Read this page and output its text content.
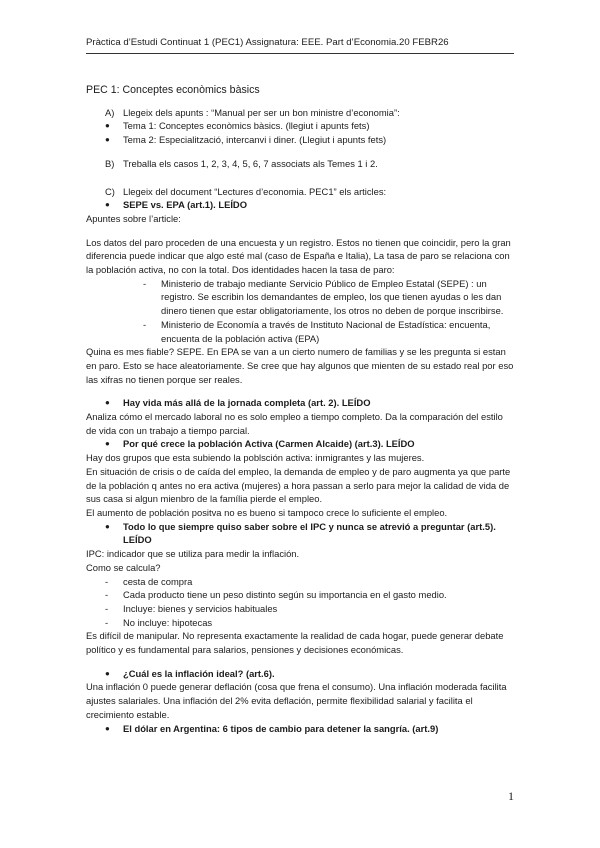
Pràctica d’Estudi Continuat 1 (PEC1) Assignatura: EEE. Part d’Economia.20 FEBR26
PEC 1: Conceptes econòmics bàsics
A) Llegeix dels apunts : “Manual per ser un bon ministre d’economia”:
●	Tema 1: Conceptes econòmics bàsics. (llegiut i apunts fets)
●	Tema 2: Especialització, intercanvi i diner. (Llegiut i apunts fets)
B) Treballa els casos 1, 2, 3, 4, 5, 6, 7 associats als Temes 1 i 2.
C) Llegeix del document “Lectures d’economia. PEC1” els articles:
●	SEPE vs. EPA (art.1). LEÍDO

Apuntes sobre l’article:

Los datos del paro proceden de una encuesta y un registro. Estos no tienen que coincidir, pero la gran diferencia puede indicar que algo esté mal (caso de España e Italia), La tasa de paro se relaciona con la población activa, no con la total. Dos identidades hacen la tasa de paro:

-	Ministerio de trabajo mediante Servicio Público de Empleo Estatal (SEPE) : un registro. Se escribin los demandantes de empleo, los que tienen ayudas o les dan dinero tienen que estar obligatoriamente, los otros no deben de porque inscribirse.
-	Ministerio de Economía a través de Instituto Nacional de Estadística: encuenta, encuenta de la población activa (EPA)

Quina es mes fiable? SEPE. En EPA se van a un cierto numero de familias y se les pregunta si estan en paro. Esto se hace aleatoriamente. Se cree que hay algunos que mienten de su estado real por eso las xifras no tienen porque ser reales.

●	Hay vida más allá de la jornada completa (art. 2). LEÍDO

Analiza cómo el mercado laboral no es solo empleo a tiempo completo. Da la comparación del estilo de vida con un trabajo a tiempo parcial.

●	Por qué crece la población Activa (Carmen Alcaide) (art.3). LEÍDO

Hay dos grupos que esta subiendo la poblsción activa: inmigrantes y las mujeres.

En situación de crisis o de caída del empleo, la demanda de empleo y de paro augmenta ya que parte de la población q antes no era activa (mujeres) a hora passan a serlo para mejor la calidad de vida de sus casa si algun mienbro de la família pierde el empleo.

El aumento de población positva no es bueno si tampoco crece lo suficiente el empleo.

●	Todo lo que siempre quiso saber sobre el IPC y nunca se atrevió a preguntar (art.5). LEÍDO

IPC: indicador que se utiliza para medir la inflación.

Como se calcula?

-	cesta de compra
-	Cada producto tiene un peso distinto según su importancia en el gasto medio.
-	Incluye: bienes y servicios habituales
-	No incluye: hipotecas

Es difícil de manipular. No representa exactamente la realidad de cada hogar, puede generar debate político y es fundamental para salarios, pensiones y decisiones económicas.

●	¿Cuál es la inflación ideal? (art.6).

Una inflación 0 puede generar deflación (cosa que frena el consumo). Una inflación moderada facilita ajustes salariales. Una inflación del 2% evita deflación, permite flexibilidad salarial y facilita el crecimiento estable.

●	El dólar en Argentina: 6 tipos de cambio para detener la sangría. (art.9)
1
